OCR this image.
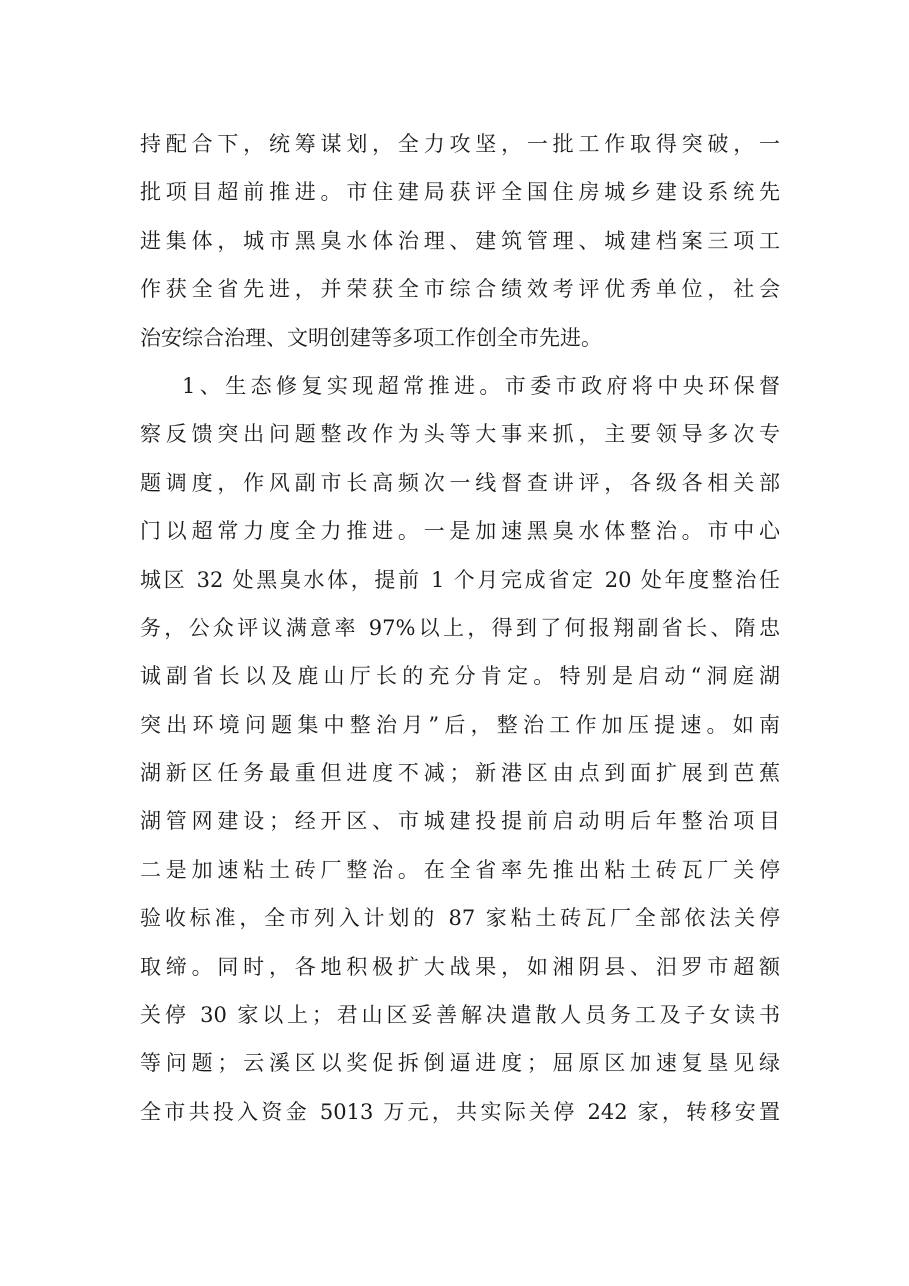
持配合下，统筹谋划，全力攻坚，一批工作取得突破，一
批项目超前推进。市住建局获评全国住房城乡建设系统先
进集体，城市黑臭水体治理、建筑管理、城建档案三项工
作获全省先进，并荣获全市综合绩效考评优秀单位，社会
治安综合治理、文明创建等多项工作创全市先进。
1、生态修复实现超常推进。市委市政府将中央环保督
察反馈突出问题整改作为头等大事来抓，主要领导多次专
题调度，作风副市长高频次一线督查讲评，各级各相关部
门以超常力度全力推进。一是加速黑臭水体整治。市中心
城区 32 处黑臭水体，提前 1 个月完成省定 20 处年度整治任
务，公众评议满意率 97%以上，得到了何报翔副省长、隋忠
诚副省长以及鹿山厅长的充分肯定。特别是启动“洞庭湖
突出环境问题集中整治月”后，整治工作加压提速。如南
湖新区任务最重但进度不减；新港区由点到面扩展到芭蕉
湖管网建设；经开区、市城建投提前启动明后年整治项目
二是加速粘土砖厂整治。在全省率先推出粘土砖瓦厂关停
验收标准，全市列入计划的 87 家粘土砖瓦厂全部依法关停
取缔。同时，各地积极扩大战果，如湘阴县、汨罗市超额
关停 30 家以上；君山区妥善解决遣散人员务工及子女读书
等问题；云溪区以奖促拆倒逼进度；屈原区加速复垦见绿
全市共投入资金 5013 万元，共实际关停 242 家，转移安置
